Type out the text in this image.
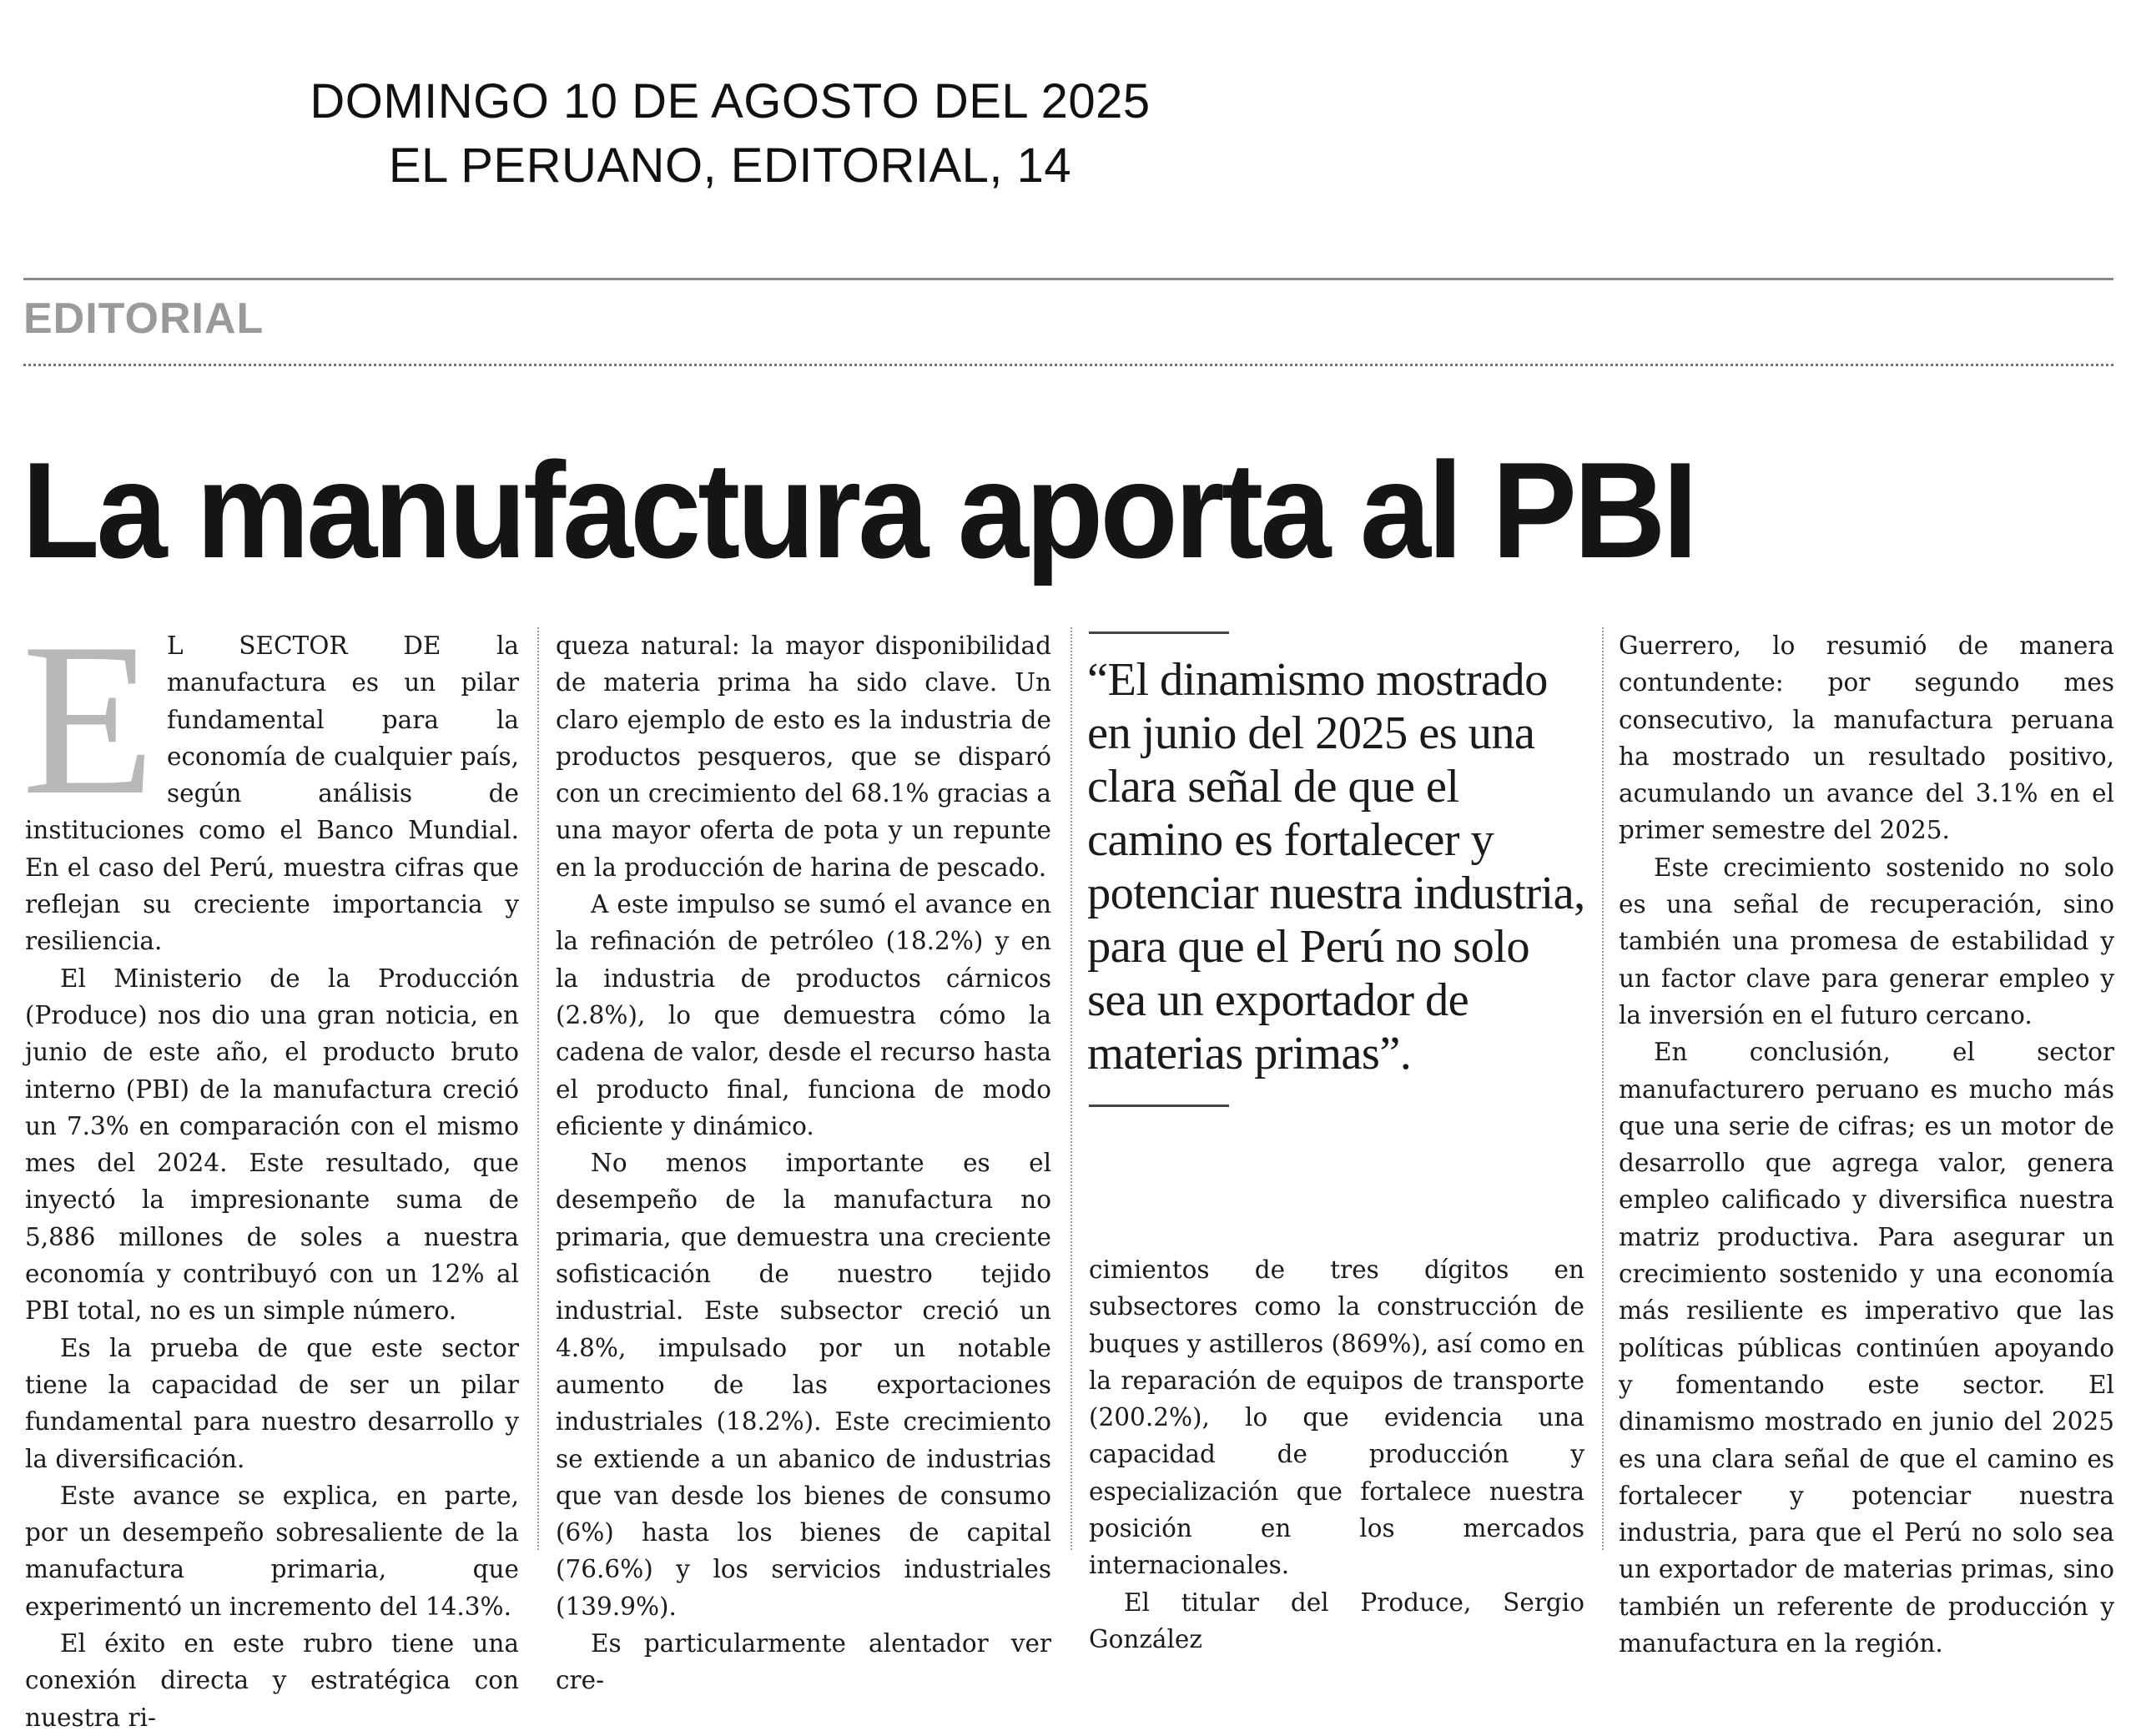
DOMINGO 10 DE AGOSTO DEL 2025
EL PERUANO, EDITORIAL, 14
EDITORIAL
La manufactura aporta al PBI

E L SECTOR DE la manufactura es un pilar fundamental para la economía de cualquier país, según análisis de instituciones como el Banco Mundial. En el caso del Perú, muestra cifras que reflejan su creciente importancia y resiliencia.

El Ministerio de la Producción (Produce) nos dio una gran noticia, en junio de este año, el producto bruto interno (PBI) de la manufactura creció un 7.3% en comparación con el mismo mes del 2024. Este resultado, que inyectó la impresionante suma de 5,886 millones de soles a nuestra economía y contribuyó con un 12% al PBI total, no es un simple número.

Es la prueba de que este sector tiene la capacidad de ser un pilar fundamental para nuestro desarrollo y la diversificación.

Este avance se explica, en parte, por un desempeño sobresaliente de la manufactura primaria, que experimentó un incremento del 14.3%.

El éxito en este rubro tiene una conexión directa y estratégica con nuestra ri-

queza natural: la mayor disponibilidad de materia prima ha sido clave. Un claro ejemplo de esto es la industria de productos pesqueros, que se disparó con un crecimiento del 68.1% gracias a una mayor oferta de pota y un repunte en la producción de harina de pescado.

A este impulso se sumó el avance en la refinación de petróleo (18.2%) y en la industria de productos cárnicos (2.8%), lo que demuestra cómo la cadena de valor, desde el recurso hasta el producto final, funciona de modo eficiente y dinámico.

No menos importante es el desempeño de la manufactura no primaria, que demuestra una creciente sofisticación de nuestro tejido industrial. Este subsector creció un 4.8%, impulsado por un notable aumento de las exportaciones industriales (18.2%). Este crecimiento se extiende a un abanico de industrias que van desde los bienes de consumo (6%) hasta los bienes de capital (76.6%) y los servicios industriales (139.9%).

Es particularmente alentador ver cre-

“El dinamismo mostrado en junio del 2025 es una clara señal de que el camino es fortalecer y potenciar nuestra industria, para que el Perú no solo sea un exportador de materias primas”.

cimientos de tres dígitos en subsectores como la construcción de buques y astilleros (869%), así como en la reparación de equipos de transporte (200.2%), lo que evidencia una capacidad de producción y especialización que fortalece nuestra posición en los mercados internacionales.

El titular del Produce, Sergio González

Guerrero, lo resumió de manera contundente: por segundo mes consecutivo, la manufactura peruana ha mostrado un resultado positivo, acumulando un avance del 3.1% en el primer semestre del 2025.

Este crecimiento sostenido no solo es una señal de recuperación, sino también una promesa de estabilidad y un factor clave para generar empleo y la inversión en el futuro cercano.

En conclusión, el sector manufacturero peruano es mucho más que una serie de cifras; es un motor de desarrollo que agrega valor, genera empleo calificado y diversifica nuestra matriz productiva. Para asegurar un crecimiento sostenido y una economía más resiliente es imperativo que las políticas públicas continúen apoyando y fomentando este sector. El dinamismo mostrado en junio del 2025 es una clara señal de que el camino es fortalecer y potenciar nuestra industria, para que el Perú no solo sea un exportador de materias primas, sino también un referente de producción y manufactura en la región.
